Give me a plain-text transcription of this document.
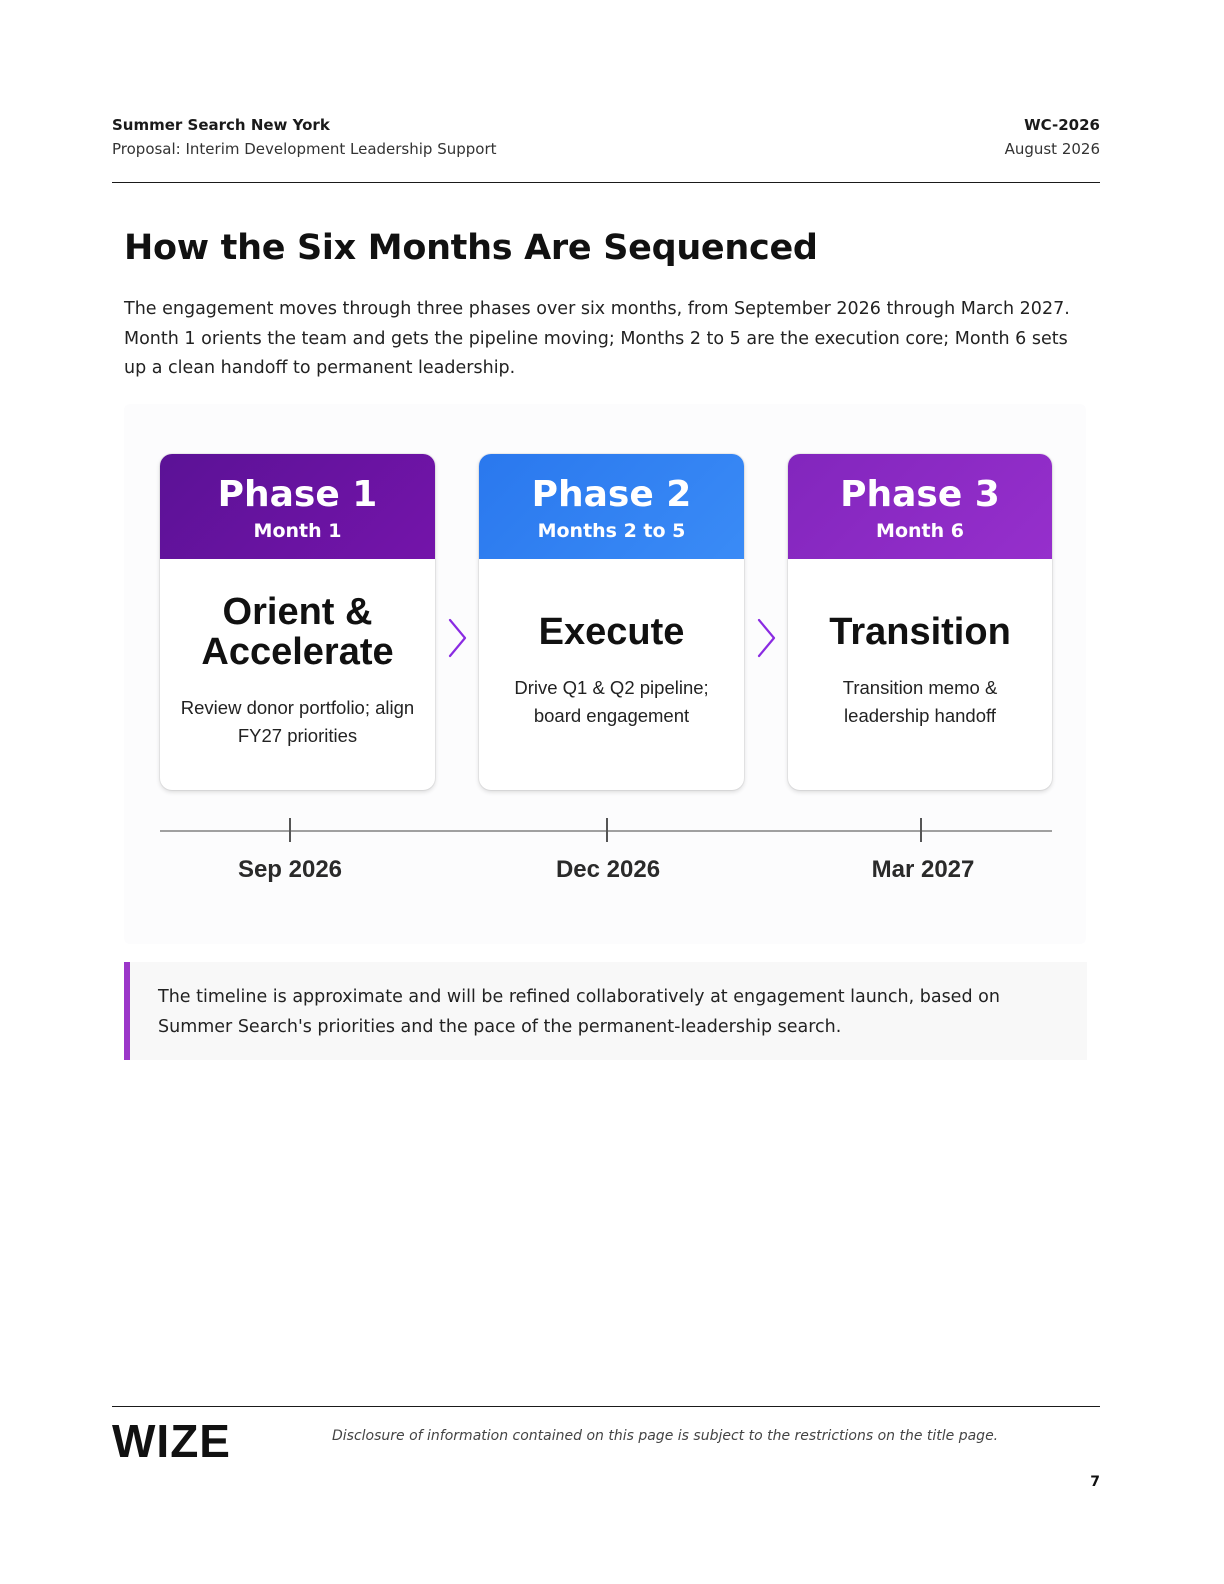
Summer Search New York	WC-2026
Proposal: Interim Development Leadership Support	August 2026
How the Six Months Are Sequenced

The engagement moves through three phases over six months, from September 2026 through March 2027. Month 1 orients the team and gets the pipeline moving; Months 2 to 5 are the execution core; Month 6 sets up a clean handoff to permanent leadership.

Phase 1
Month 1
Orient & Accelerate
Review donor portfolio; align FY27 priorities
Phase 2
Months 2 to 5
Execute
Drive Q1 & Q2 pipeline; board engagement
Phase 3
Month 6
Transition
Transition memo & leadership handoff
Sep 2026	Dec 2026	Mar 2027

The timeline is approximate and will be refined collaboratively at engagement launch, based on Summer Search's priorities and the pace of the permanent-leadership search.

WIZE	Disclosure of information contained on this page is subject to the restrictions on the title page.
7
